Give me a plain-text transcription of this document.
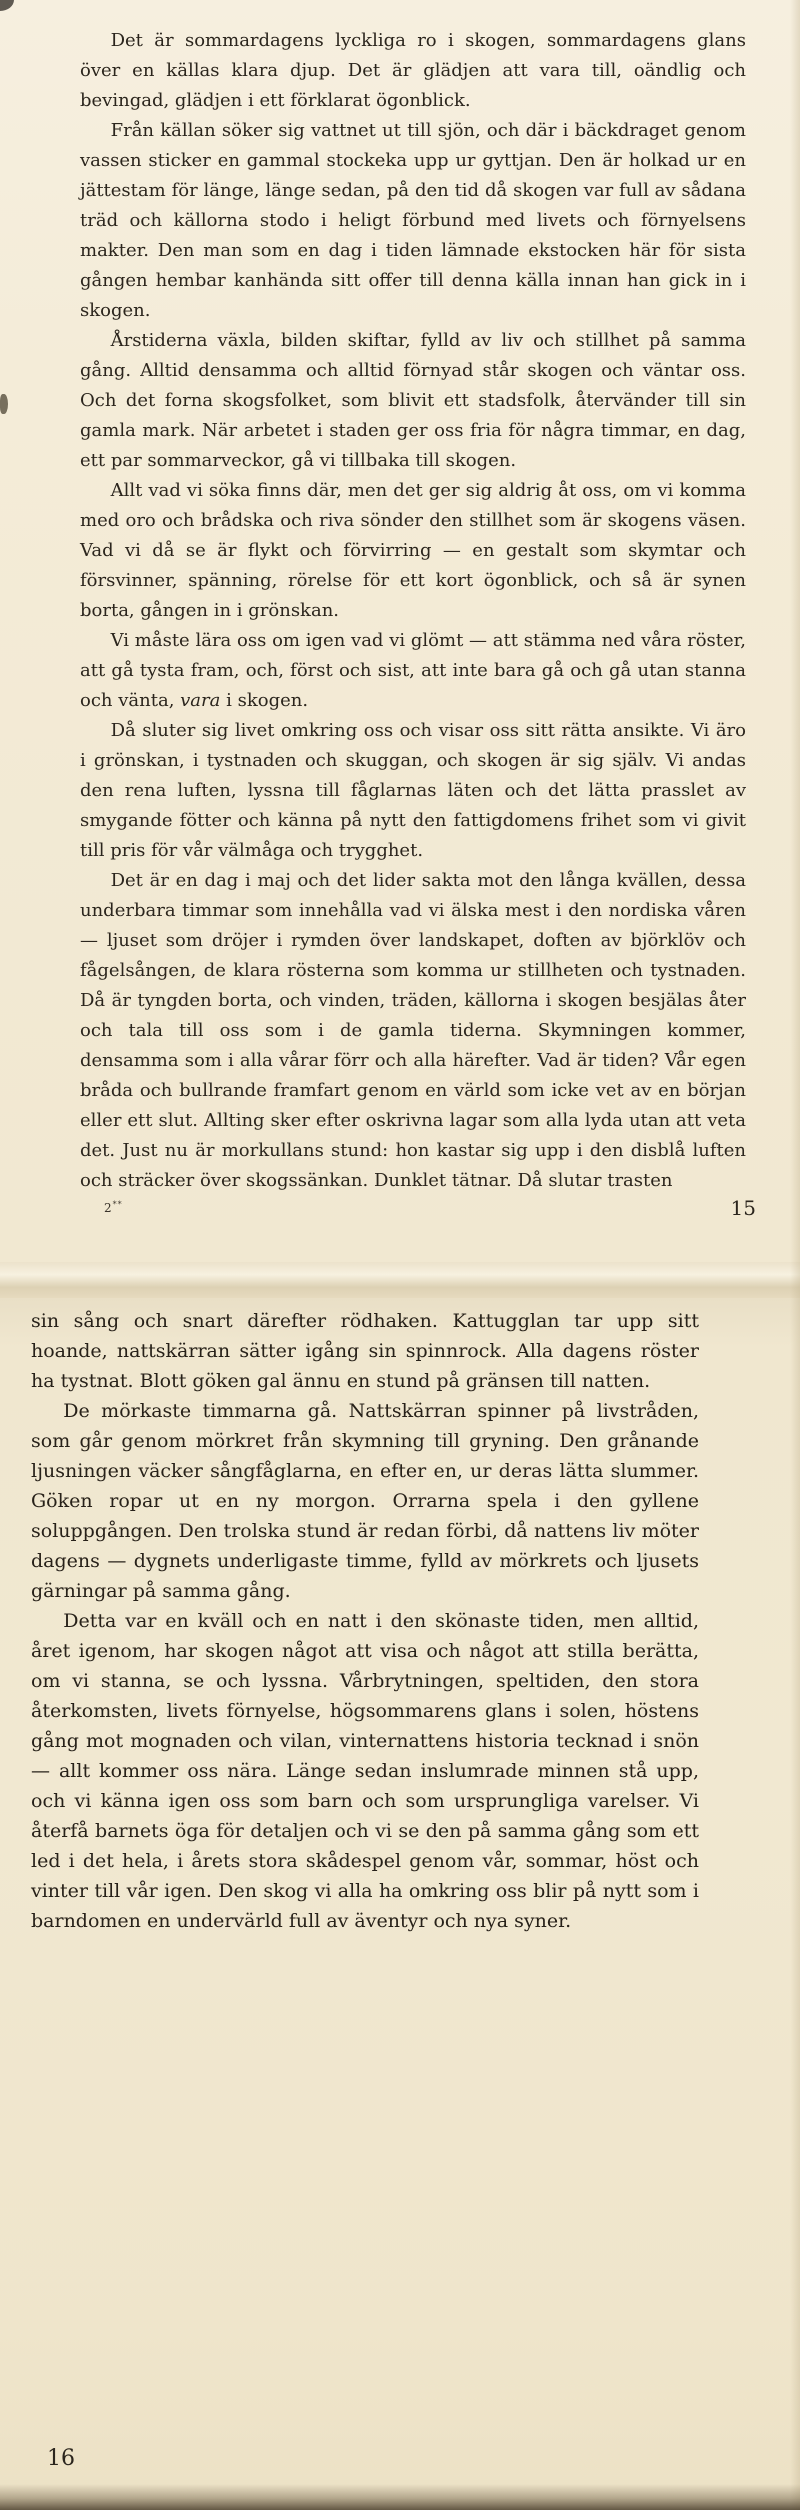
Det är sommardagens lyckliga ro i skogen, sommardagens glans över en källas klara djup. Det är glädjen att vara till, oändlig och bevingad, glädjen i ett förklarat ögonblick.

Från källan söker sig vattnet ut till sjön, och där i bäckdraget genom vassen sticker en gammal stockeka upp ur gyttjan. Den är holkad ur en jättestam för länge, länge sedan, på den tid då skogen var full av sådana träd och källorna stodo i heligt förbund med livets och förnyelsens makter. Den man som en dag i tiden lämnade ekstocken här för sista gången hembar kanhända sitt offer till denna källa innan han gick in i skogen.

Årstiderna växla, bilden skiftar, fylld av liv och stillhet på samma gång. Alltid densamma och alltid förnyad står skogen och väntar oss. Och det forna skogsfolket, som blivit ett stadsfolk, återvänder till sin gamla mark. När arbetet i staden ger oss fria för några timmar, en dag, ett par sommarveckor, gå vi tillbaka till skogen.

Allt vad vi söka finns där, men det ger sig aldrig åt oss, om vi komma med oro och brådska och riva sönder den stillhet som är skogens väsen. Vad vi då se är flykt och förvirring — en gestalt som skymtar och försvinner, spänning, rörelse för ett kort ögonblick, och så är synen borta, gången in i grönskan.

Vi måste lära oss om igen vad vi glömt — att stämma ned våra röster, att gå tysta fram, och, först och sist, att inte bara gå och gå utan stanna och vänta, vara i skogen.

Då sluter sig livet omkring oss och visar oss sitt rätta ansikte. Vi äro i grönskan, i tystnaden och skuggan, och skogen är sig själv. Vi andas den rena luften, lyssna till fåglarnas läten och det lätta prasslet av smygande fötter och känna på nytt den fattigdomens frihet som vi givit till pris för vår välmåga och trygghet.

Det är en dag i maj och det lider sakta mot den långa kvällen, dessa underbara timmar som innehålla vad vi älska mest i den nordiska våren — ljuset som dröjer i rymden över landskapet, doften av björklöv och fågelsången, de klara rösterna som komma ur stillheten och tystnaden. Då är tyngden borta, och vinden, träden, källorna i skogen besjälas åter och tala till oss som i de gamla tiderna. Skymningen kommer, densamma som i alla vårar förr och alla härefter. Vad är tiden? Vår egen bråda och bullrande framfart genom en värld som icke vet av en början eller ett slut. Allting sker efter oskrivna lagar som alla lyda utan att veta det. Just nu är morkullans stund: hon kastar sig upp i den disblå luften och sträcker över skogssänkan. Dunklet tätnar. Då slutar trasten

2**	15

sin sång och snart därefter rödhaken. Kattugglan tar upp sitt hoande, nattskärran sätter igång sin spinnrock. Alla dagens röster ha tystnat. Blott göken gal ännu en stund på gränsen till natten.

De mörkaste timmarna gå. Nattskärran spinner på livstråden, som går genom mörkret från skymning till gryning. Den grånande ljusningen väcker sångfåglarna, en efter en, ur deras lätta slummer. Göken ropar ut en ny morgon. Orrarna spela i den gyllene soluppgången. Den trolska stund är redan förbi, då nattens liv möter dagens — dygnets underligaste timme, fylld av mörkrets och ljusets gärningar på samma gång.

Detta var en kväll och en natt i den skönaste tiden, men alltid, året igenom, har skogen något att visa och något att stilla berätta, om vi stanna, se och lyssna. Vårbrytningen, speltiden, den stora återkomsten, livets förnyelse, högsommarens glans i solen, höstens gång mot mognaden och vilan, vinternattens historia tecknad i snön — allt kommer oss nära. Länge sedan inslumrade minnen stå upp, och vi känna igen oss som barn och som ursprungliga varelser. Vi återfå barnets öga för detaljen och vi se den på samma gång som ett led i det hela, i årets stora skådespel genom vår, sommar, höst och vinter till vår igen. Den skog vi alla ha omkring oss blir på nytt som i barndomen en undervärld full av äventyr och nya syner.

16
